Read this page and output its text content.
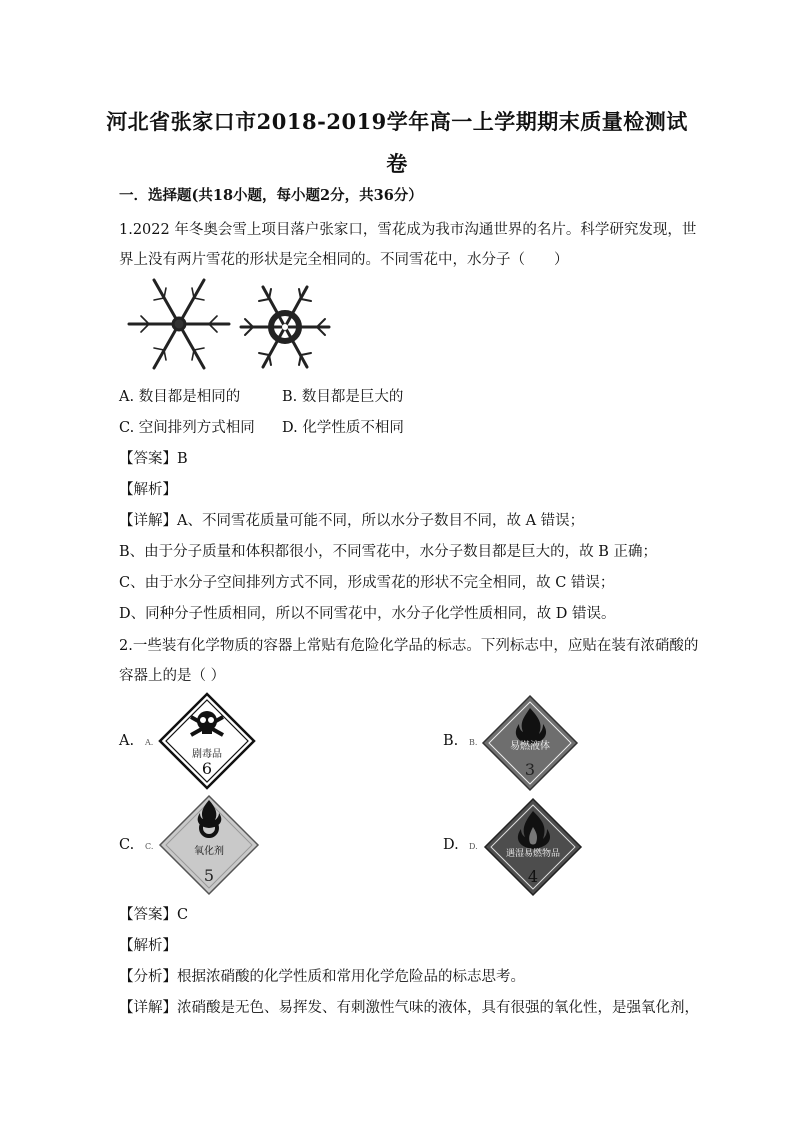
河北省张家口市2018-2019学年高一上学期期末质量检测试
卷
一．选择题(共18小题，每小题2分，共36分）
1.2022 年冬奥会雪上项目落户张家口，雪花成为我市沟通世界的名片。科学研究发现，世
界上没有两片雪花的形状是完全相同的。不同雪花中，水分子（　　）
A. 数目都是相同的	B. 数目都是巨大的
C. 空间排列方式相同 D. 化学性质不相同
【答案】B
【解析】
【详解】A、不同雪花质量可能不同，所以水分子数目不同，故 A 错误；
B、由于分子质量和体积都很小，不同雪花中，水分子数目都是巨大的，故 B 正确；
C、由于水分子空间排列方式不同，形成雪花的形状不完全相同，故 C 错误；
D、同种分子性质相同，所以不同雪花中，水分子化学性质相同，故 D 错误。
2.一些装有化学物质的容器上常贴有危险化学品的标志。下列标志中，应贴在装有浓硝酸的
容器上的是（ ）
A. A.
剧毒品
6
B. B.	易燃液体
3
C. C.	氧化剂
5
D. D.
遇湿易燃物品
4
【答案】C
【解析】
【分析】根据浓硝酸的化学性质和常用化学危险品的标志思考。
【详解】浓硝酸是无色、易挥发、有刺激性气味的液体，具有很强的氧化性，是强氧化剂，
